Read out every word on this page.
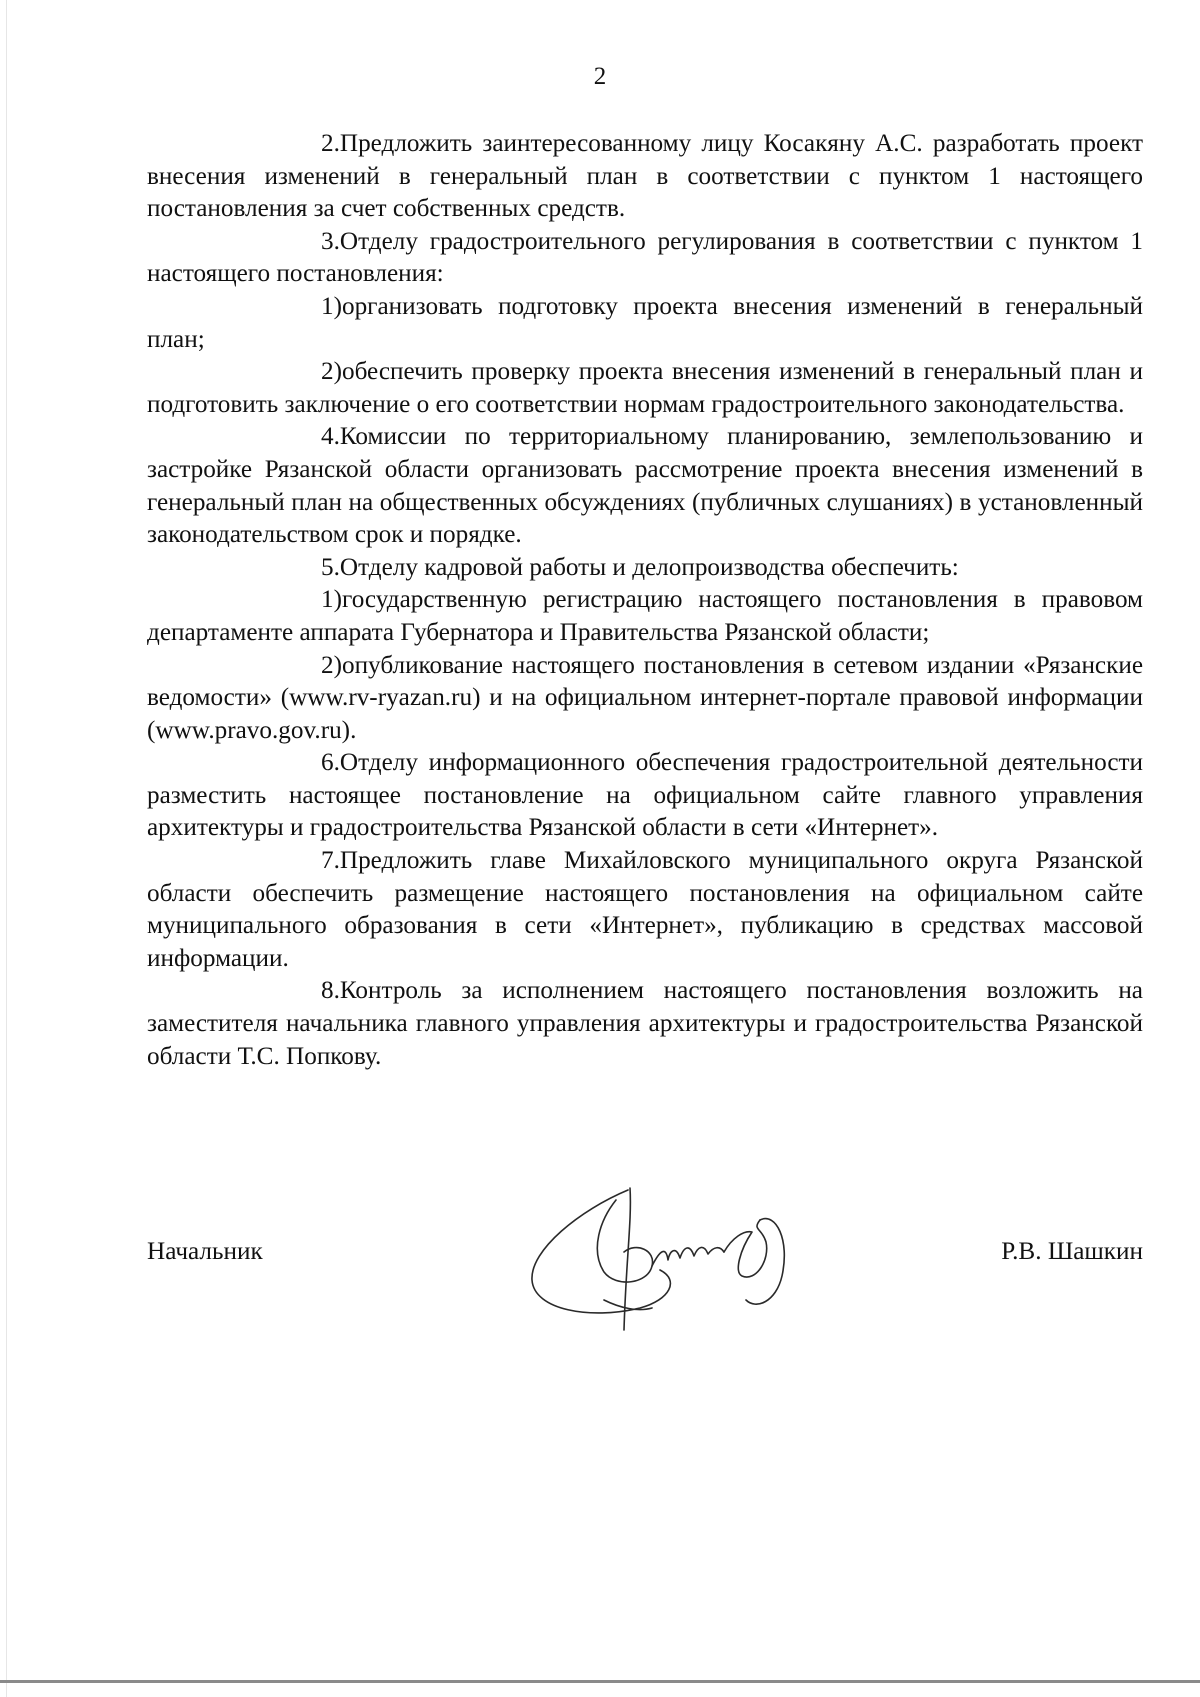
2

2.Предложить заинтересованному лицу Косакяну А.С. разработать проект внесения изменений в генеральный план в соответствии с пунктом 1 настоящего постановления за счет собственных средств.

3.Отделу градостроительного регулирования в соответствии с пунктом 1 настоящего постановления:

1)организовать подготовку проекта внесения изменений в генеральный план;

2)обеспечить проверку проекта внесения изменений в генеральный план и подготовить заключение о его соответствии нормам градостроительного законодательства.

4.Комиссии по территориальному планированию, землепользованию и застройке Рязанской области организовать рассмотрение проекта внесения изменений в генеральный план на общественных обсуждениях (публичных слушаниях) в установленный законодательством срок и порядке.

5.Отделу кадровой работы и делопроизводства обеспечить:

1)государственную регистрацию настоящего постановления в правовом департаменте аппарата Губернатора и Правительства Рязанской области;

2)опубликование настоящего постановления в сетевом издании «Рязанские ведомости» (www.rv-ryazan.ru) и на официальном интернет-портале правовой информации (www.pravo.gov.ru).

6.Отделу информационного обеспечения градостроительной деятельности разместить настоящее постановление на официальном сайте главного управления архитектуры и градостроительства Рязанской области в сети «Интернет».

7.Предложить главе Михайловского муниципального округа Рязанской области обеспечить размещение настоящего постановления на официальном сайте муниципального образования в сети «Интернет», публикацию в средствах массовой информации.

8.Контроль за исполнением настоящего постановления возложить на заместителя начальника главного управления архитектуры и градостроительства Рязанской области Т.С. Попкову.

Начальник	Р.В. Шашкин
